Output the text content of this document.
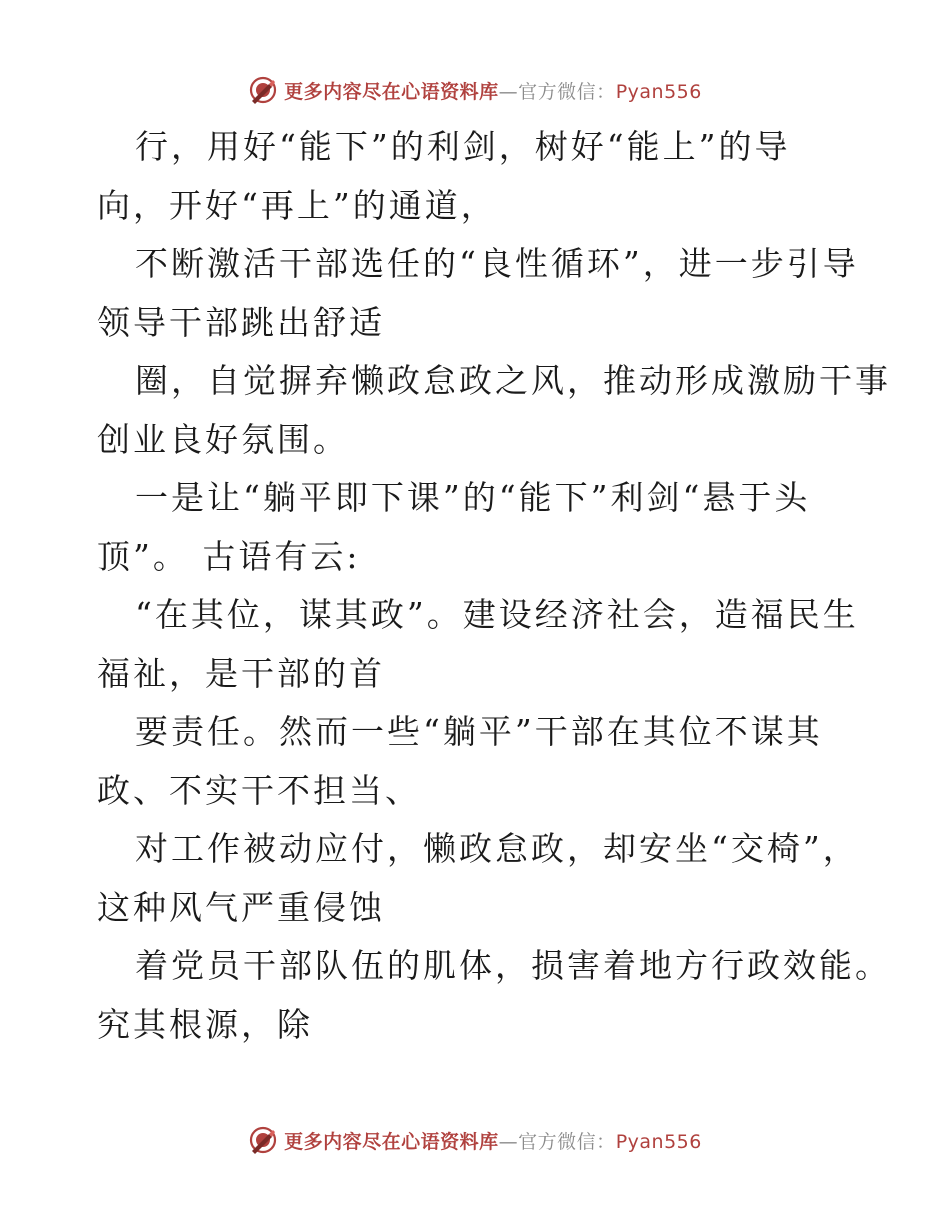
更多内容尽在心语资料库—官方微信：Pyan556

行，用好“能下”的利剑，树好“能上”的导
向，开好“再上”的通道，

不断激活干部选任的“良性循环”，进一步引导
领导干部跳出舒适

圈，自觉摒弃懒政怠政之风，推动形成激励干事
创业良好氛围。

一是让“躺平即下课”的“能下”利剑“悬于头
顶”。 古语有云:

“在其位，谋其政”。建设经济社会，造福民生
福祉，是干部的首

要责任。然而一些“躺平”干部在其位不谋其
政、不实干不担当、

对工作被动应付，懒政怠政，却安坐“交椅”，
这种风气严重侵蚀

着党员干部队伍的肌体，损害着地方行政效能。
究其根源，除

更多内容尽在心语资料库—官方微信：Pyan556
